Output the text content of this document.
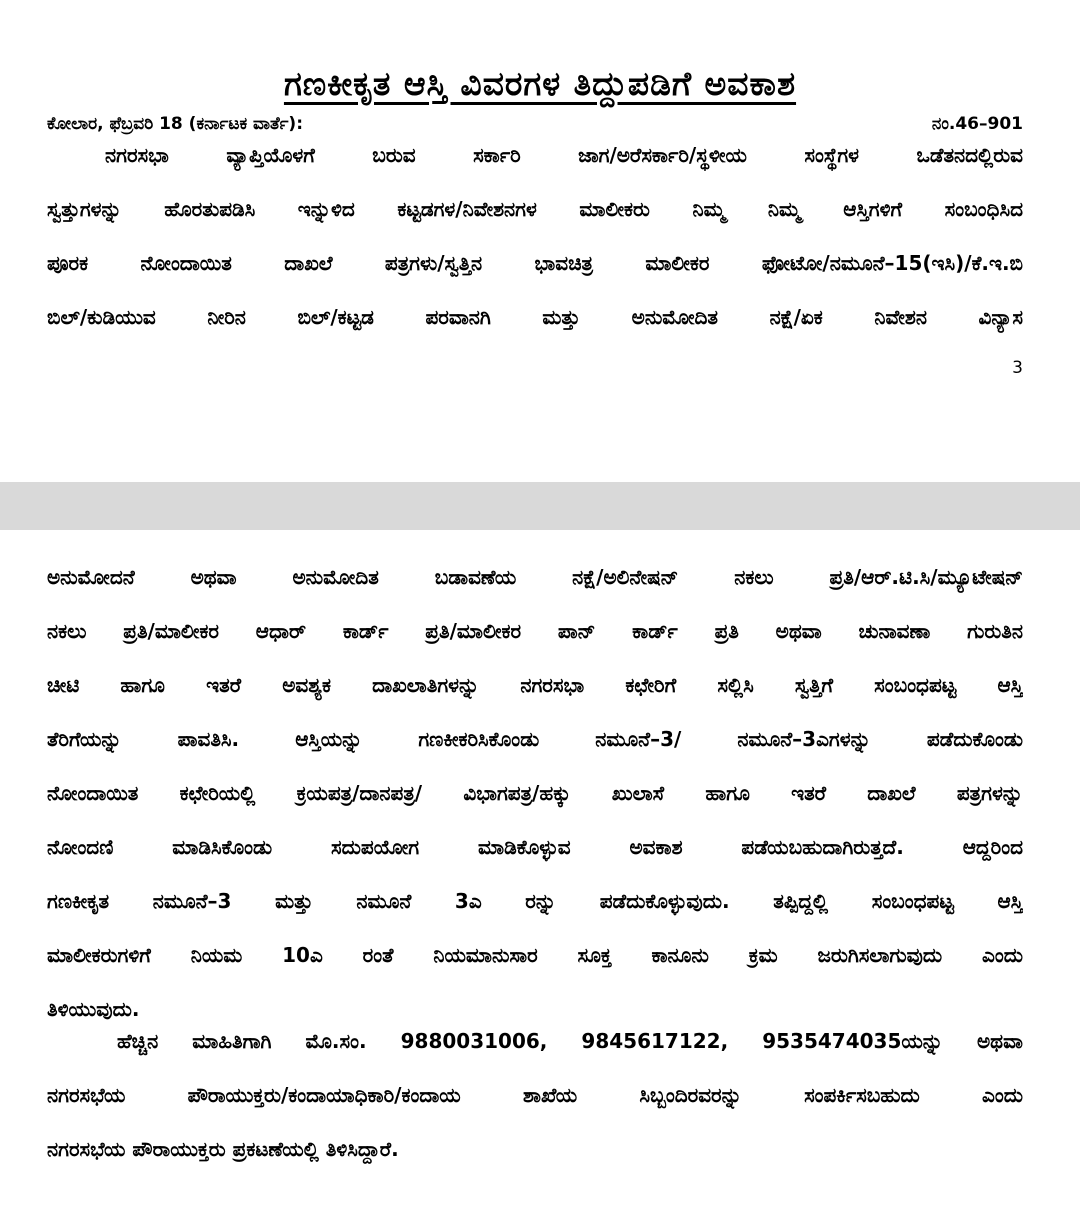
ಗಣಕೀಕೃತ ಆಸ್ತಿ ವಿವರಗಳ ತಿದ್ದುಪಡಿಗೆ ಅವಕಾಶ
ಕೋಲಾರ, ಫೆಬ್ರವರಿ 18 (ಕರ್ನಾಟಕ ವಾರ್ತೆ):	ನಂ.46–901
ನಗರಸಭಾ ವ್ಯಾಪ್ತಿಯೊಳಗೆ ಬರುವ ಸರ್ಕಾರಿ ಜಾಗ/ಅರೆಸರ್ಕಾರಿ/ಸ್ಥಳೀಯ ಸಂಸ್ಥೆಗಳ ಒಡೆತನದಲ್ಲಿರುವ
ಸ್ವತ್ತುಗಳನ್ನು ಹೊರತುಪಡಿಸಿ ಇನ್ನುಳಿದ ಕಟ್ಟಡಗಳ/ನಿವೇಶನಗಳ ಮಾಲೀಕರು ನಿಮ್ಮ ನಿಮ್ಮ ಆಸ್ತಿಗಳಿಗೆ ಸಂಬಂಧಿಸಿದ
ಪೂರಕ ನೋಂದಾಯಿತ ದಾಖಲೆ ಪತ್ರಗಳು/ಸ್ವತ್ತಿನ ಭಾವಚಿತ್ರ ಮಾಲೀಕರ ಫೋಟೋ/ನಮೂನೆ–15(ಇಸಿ)/ಕೆ.ಇ.ಬಿ
ಬಿಲ್/ಕುಡಿಯುವ ನೀರಿನ ಬಿಲ್/ಕಟ್ಟಡ ಪರವಾನಗಿ ಮತ್ತು ಅನುಮೋದಿತ ನಕ್ಷೆ/ಏಕ ನಿವೇಶನ ವಿನ್ಯಾಸ
3
ಅನುಮೋದನೆ ಅಥವಾ ಅನುಮೋದಿತ ಬಡಾವಣೆಯ ನಕ್ಷೆ/ಅಲಿನೇಷನ್ ನಕಲು ಪ್ರತಿ/ಆರ್.ಟಿ.ಸಿ/ಮ್ಯೂಟೇಷನ್
ನಕಲು ಪ್ರತಿ/ಮಾಲೀಕರ ಆಧಾರ್ ಕಾರ್ಡ್ ಪ್ರತಿ/ಮಾಲೀಕರ ಪಾನ್ ಕಾರ್ಡ್ ಪ್ರತಿ ಅಥವಾ ಚುನಾವಣಾ ಗುರುತಿನ
ಚೀಟಿ ಹಾಗೂ ಇತರೆ ಅವಶ್ಯಕ ದಾಖಲಾತಿಗಳನ್ನು ನಗರಸಭಾ ಕಛೇರಿಗೆ ಸಲ್ಲಿಸಿ ಸ್ವತ್ತಿಗೆ ಸಂಬಂಧಪಟ್ಟ ಆಸ್ತಿ
ತೆರಿಗೆಯನ್ನು ಪಾವತಿಸಿ. ಆಸ್ತಿಯನ್ನು ಗಣಕೀಕರಿಸಿಕೊಂಡು ನಮೂನೆ–3/ ನಮೂನೆ–3ಎಗಳನ್ನು ಪಡೆದುಕೊಂಡು
ನೋಂದಾಯಿತ ಕಛೇರಿಯಲ್ಲಿ ಕ್ರಯಪತ್ರ/ದಾನಪತ್ರ/ ವಿಭಾಗಪತ್ರ/ಹಕ್ಕು ಖುಲಾಸೆ ಹಾಗೂ ಇತರೆ ದಾಖಲೆ ಪತ್ರಗಳನ್ನು
ನೋಂದಣಿ ಮಾಡಿಸಿಕೊಂಡು ಸದುಪಯೋಗ ಮಾಡಿಕೊಳ್ಳುವ ಅವಕಾಶ ಪಡೆಯಬಹುದಾಗಿರುತ್ತದೆ. ಆದ್ದರಿಂದ
ಗಣಕೀಕೃತ ನಮೂನೆ–3 ಮತ್ತು ನಮೂನೆ 3ಎ ರನ್ನು ಪಡೆದುಕೊಳ್ಳುವುದು. ತಪ್ಪಿದ್ದಲ್ಲಿ ಸಂಬಂಧಪಟ್ಟ ಆಸ್ತಿ
ಮಾಲೀಕರುಗಳಿಗೆ ನಿಯಮ 10ಎ ರಂತೆ ನಿಯಮಾನುಸಾರ ಸೂಕ್ತ ಕಾನೂನು ಕ್ರಮ ಜರುಗಿಸಲಾಗುವುದು ಎಂದು
ತಿಳಿಯುವುದು.
ಹೆಚ್ಚಿನ ಮಾಹಿತಿಗಾಗಿ ಮೊ.ಸಂ. 9880031006, 9845617122, 9535474035ಯನ್ನು ಅಥವಾ
ನಗರಸಭೆಯ ಪೌರಾಯುಕ್ತರು/ಕಂದಾಯಾಧಿಕಾರಿ/ಕಂದಾಯ ಶಾಖೆಯ ಸಿಬ್ಬಂದಿರವರನ್ನು ಸಂಪರ್ಕಿಸಬಹುದು ಎಂದು
ನಗರಸಭೆಯ ಪೌರಾಯುಕ್ತರು ಪ್ರಕಟಣೆಯಲ್ಲಿ ತಿಳಿಸಿದ್ದಾರೆ.
